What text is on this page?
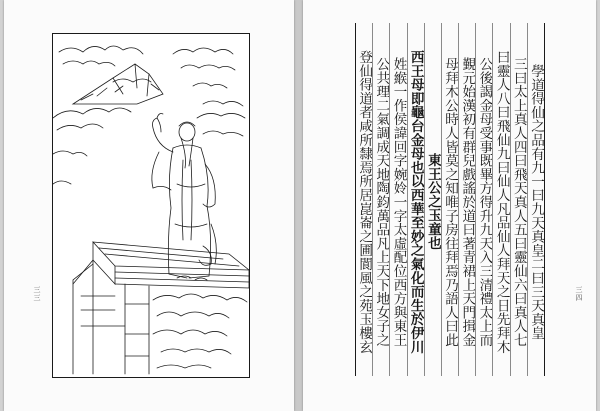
三三	三四
學道得仙之品有九一曰九天真皇二曰三天真皇
三曰太上真人四曰飛天真人五曰靈仙六曰真人七
曰靈人八曰飛仙九曰仙人凡品仙人拜天之日先拜木
公後謁金母受事既畢方得升九天入三清禮太上而
覲元始漢初有群兒戲謠於道曰著青裙上天門揖金
母拜木公時人皆莫之知唯子房往拜焉乃語人曰此
東王公之玉童也
西王母即龜台金母也以西華至妙之氣化而生於伊川
姓緱一作侯諱回字婉姈一字太虛配位西方與東王
公共理二氣調成天地陶鈞萬品凡上天下地女子之
登仙得道者咸所隸焉所居崑崙之圃閬風之苑玉樓玄
